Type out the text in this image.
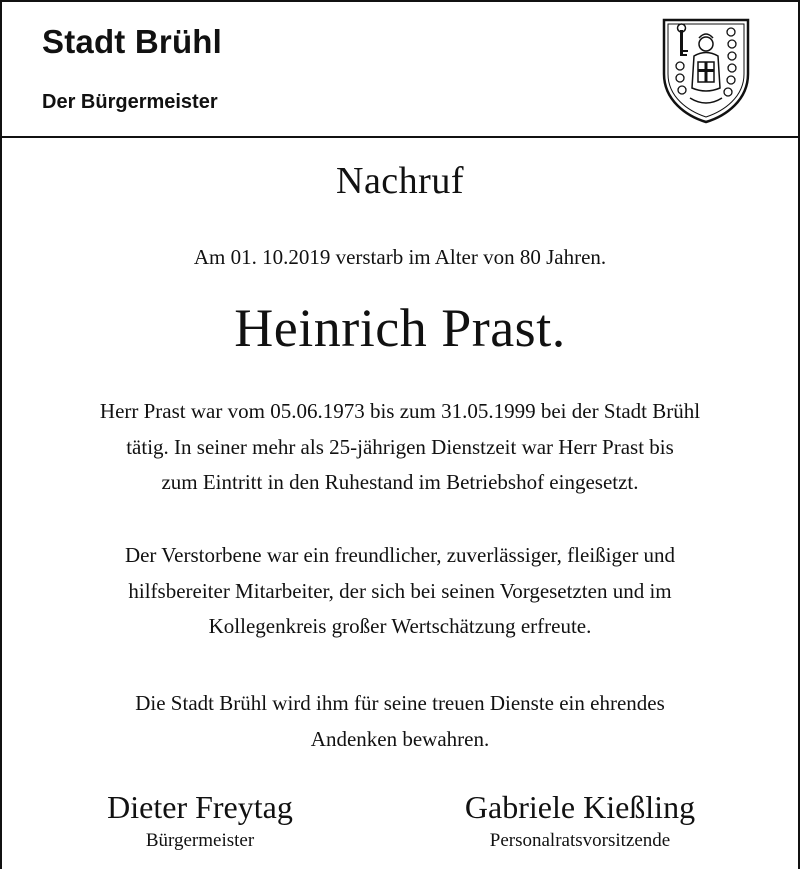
Stadt Brühl
Der Bürgermeister
Nachruf
Am 01. 10.2019 verstarb im Alter von 80 Jahren.
Heinrich Prast.
Herr Prast war vom 05.06.1973 bis zum 31.05.1999 bei der Stadt Brühl
tätig. In seiner mehr als 25-jährigen Dienstzeit war Herr Prast bis
zum Eintritt in den Ruhestand im Betriebshof eingesetzt.
Der Verstorbene war ein freundlicher, zuverlässiger, fleißiger und
hilfsbereiter Mitarbeiter, der sich bei seinen Vorgesetzten und im
Kollegenkreis großer Wertschätzung erfreute.
Die Stadt Brühl wird ihm für seine treuen Dienste ein ehrendes
Andenken bewahren.
Dieter Freytag
Bürgermeister
Gabriele Kießling
Personalratsvorsitzende
